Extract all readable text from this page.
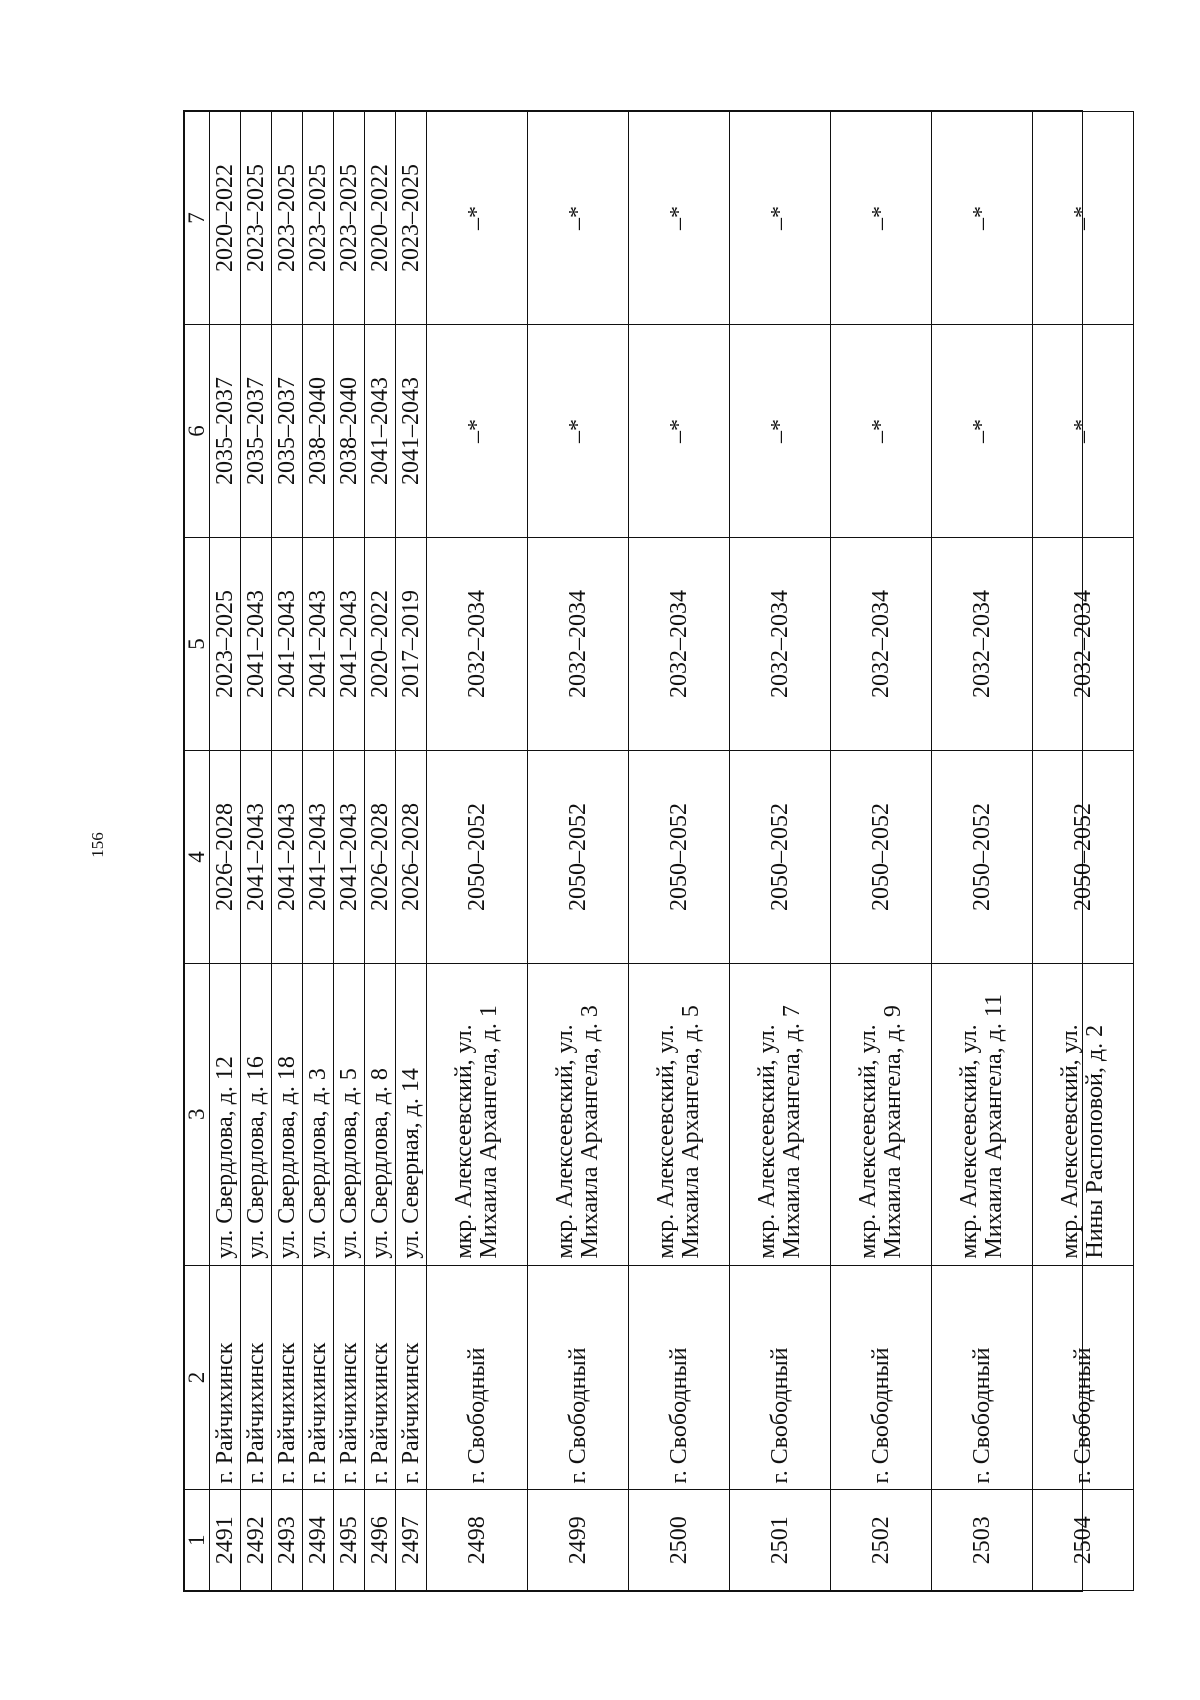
156
1	2	3	4	5	6	7
2491	г. Райчихинск	ул. Свердлова, д. 12	2026–2028	2023–2025	2035–2037	2020–2022
2492	г. Райчихинск	ул. Свердлова, д. 16	2041–2043	2041–2043	2035–2037	2023–2025
2493	г. Райчихинск	ул. Свердлова, д. 18	2041–2043	2041–2043	2035–2037	2023–2025
2494	г. Райчихинск	ул. Свердлова, д. 3	2041–2043	2041–2043	2038–2040	2023–2025
2495	г. Райчихинск	ул. Свердлова, д. 5	2041–2043	2041–2043	2038–2040	2023–2025
2496	г. Райчихинск	ул. Свердлова, д. 8	2026–2028	2020–2022	2041–2043	2020–2022
2497	г. Райчихинск	ул. Северная, д. 14	2026–2028	2017–2019	2041–2043	2023–2025
2498	г. Свободный	мкр. Алексеевский, ул. Михаила Архангела, д. 1	2050–2052	2032–2034	–*	–*
2499	г. Свободный	мкр. Алексеевский, ул. Михаила Архангела, д. 3	2050–2052	2032–2034	–*	–*
2500	г. Свободный	мкр. Алексеевский, ул. Михаила Архангела, д. 5	2050–2052	2032–2034	–*	–*
2501	г. Свободный	мкр. Алексеевский, ул. Михаила Архангела, д. 7	2050–2052	2032–2034	–*	–*
2502	г. Свободный	мкр. Алексеевский, ул. Михаила Архангела, д. 9	2050–2052	2032–2034	–*	–*
2503	г. Свободный	мкр. Алексеевский, ул. Михаила Архангела, д. 11	2050–2052	2032–2034	–*	–*
2504	г. Свободный	мкр. Алексеевский, ул. Нины Распоповой, д. 2	2050–2052	2032–2034	–*	–*
